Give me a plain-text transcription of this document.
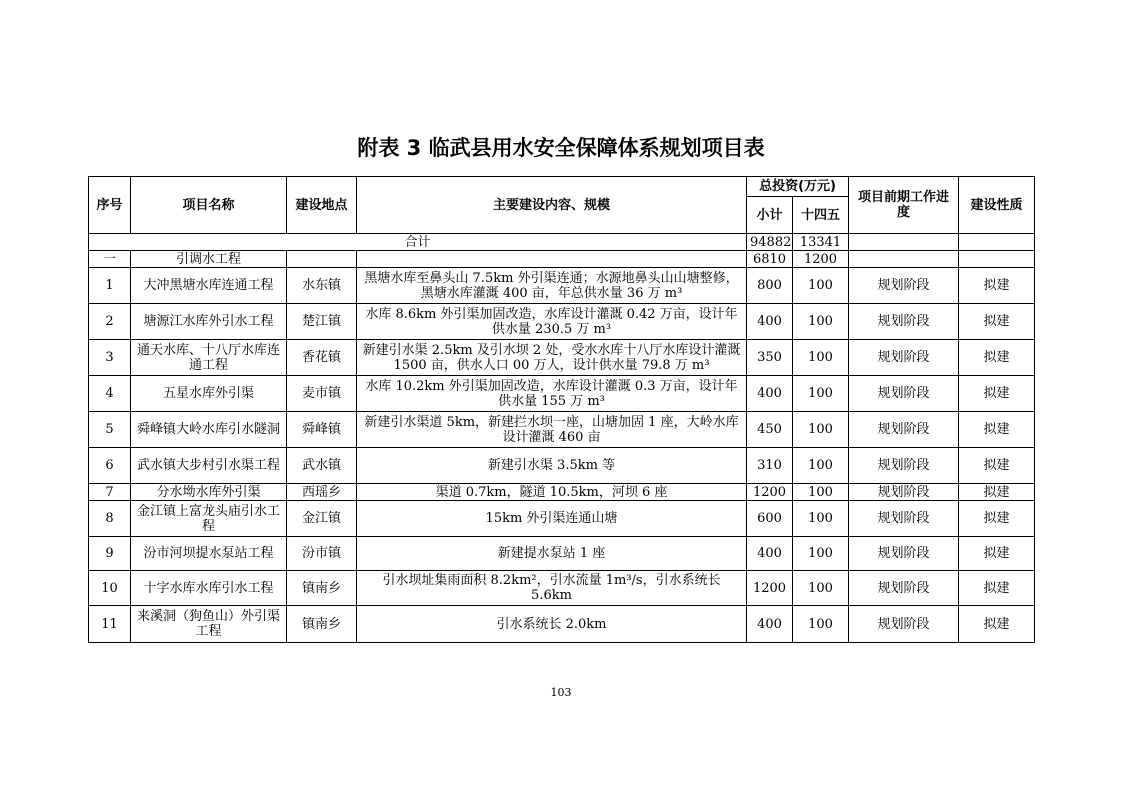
附表 3 临武县用水安全保障体系规划项目表
序号	项目名称	建设地点	主要建设内容、规模	总投资(万元)		项目前期工作进度	建设性质
				小计	十四五		
合计				94882	13341		
一	引调水工程			6810	1200		
1	大冲黑塘水库连通工程	水东镇	黑塘水库至鼻头山 7.5km 外引渠连通；水源地鼻头山山塘整修，黑塘水库灌溉 400 亩，年总供水量 36 万 m³	800	100	规划阶段	拟建
2	塘源江水库外引水工程	楚江镇	水库 8.6km 外引渠加固改造，水库设计灌溉 0.42 万亩，设计年供水量 230.5 万 m³	400	100	规划阶段	拟建
3	通天水库、十八厅水库连通工程	香花镇	新建引水渠 2.5km 及引水坝 2 处，受水水库十八厅水库设计灌溉 1500 亩，供水人口 00 万人，设计供水量 79.8 万 m³	350	100	规划阶段	拟建
4	五星水库外引渠	麦市镇	水库 10.2km 外引渠加固改造，水库设计灌溉 0.3 万亩，设计年供水量 155 万 m³	400	100	规划阶段	拟建
5	舜峰镇大岭水库引水隧洞	舜峰镇	新建引水渠道 5km，新建拦水坝一座，山塘加固 1 座，大岭水库设计灌溉 460 亩	450	100	规划阶段	拟建
6	武水镇大步村引水渠工程	武水镇	新建引水渠 3.5km 等	310	100	规划阶段	拟建
7	分水坳水库外引渠	西瑶乡	渠道 0.7km，隧道 10.5km，河坝 6 座	1200	100	规划阶段	拟建
8	金江镇上富龙头庙引水工程	金江镇	15km 外引渠连通山塘	600	100	规划阶段	拟建
9	汾市河坝提水泵站工程	汾市镇	新建提水泵站 1 座	400	100	规划阶段	拟建
10	十字水库水库引水工程	镇南乡	引水坝址集雨面积 8.2km²，引水流量 1m³/s，引水系统长 5.6km	1200	100	规划阶段	拟建
11	来溪洞（狗鱼山）外引渠工程	镇南乡	引水系统长 2.0km	400	100	规划阶段	拟建
103
